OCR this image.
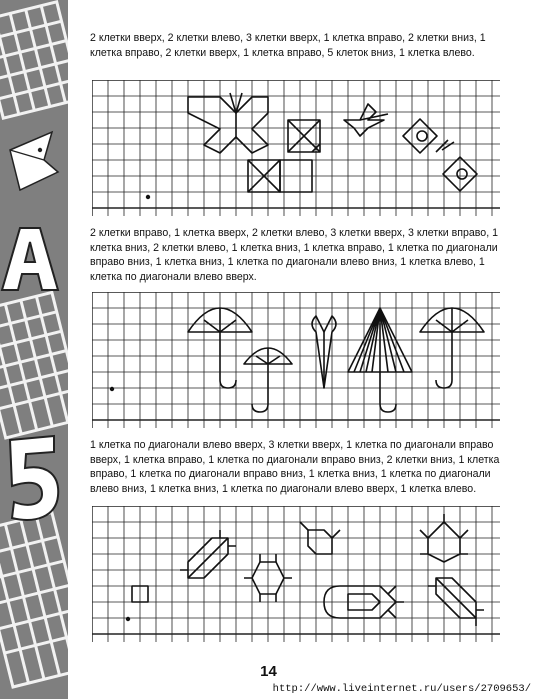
2 клетки вверх, 2 клетки влево, 3 клетки вверх, 1 клетка вправо, 2 клетки вниз, 1 клетка вправо, 2 клетки вверх, 1 клетка вправо, 5 клеток вниз, 1 клетка влево.

2 клетки вправо, 1 клетка вверх, 2 клетки влево, 3 клетки вверх, 3 клетки вправо, 1 клетка вниз, 2 клетки влево, 1 клетка вниз, 1 клетка вправо, 1 клетка по диагонали вправо вниз, 1 клетка вниз, 1 клетка по диагонали влево вниз, 1 клетка влево, 1 клетка по диагонали влево вверх.

1 клетка по диагонали влево вверх, 3 клетки вверх, 1 клетка по диагонали вправо вверх, 1 клетка вправо, 1 клетка по диагонали вправо вниз, 2 клетки вниз, 1 клетка вправо, 1 клетка по диагонали вправо вниз, 1 клетка вниз, 1 клетка по диагонали влево вниз, 1 клетка вниз, 1 клетка по диагонали влево вверх, 1 клетка влево.

14
http://www.liveinternet.ru/users/2709653/
